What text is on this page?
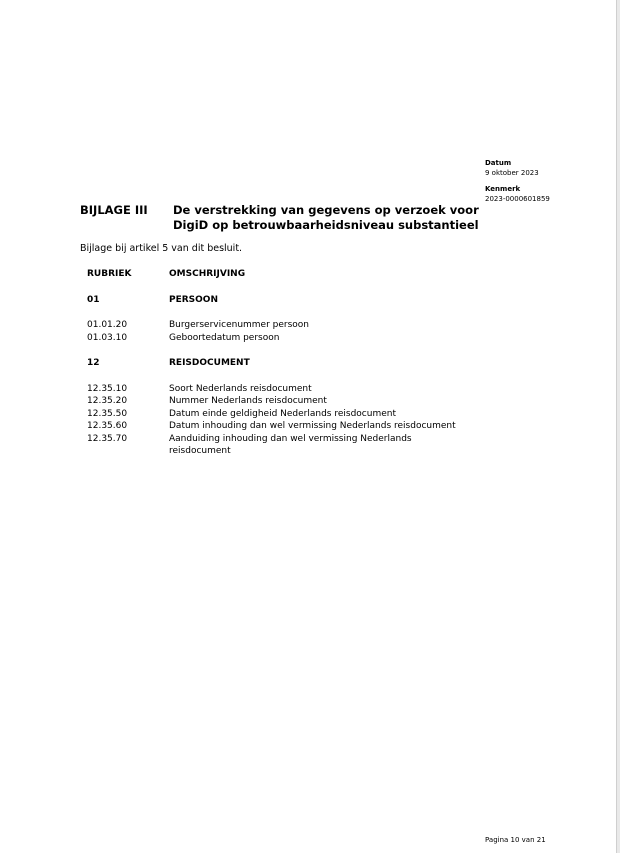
Datum
9 oktober 2023
Kenmerk
2023-0000601859
BIJLAGE III	De verstrekking van gegevens op verzoek voor
DigiD op betrouwbaarheidsniveau substantieel
Bijlage bij artikel 5 van dit besluit.
RUBRIEK	OMSCHRIJVING
01	PERSOON
01.01.20	Burgerservicenummer persoon
01.03.10	Geboortedatum persoon
12	REISDOCUMENT
12.35.10	Soort Nederlands reisdocument
12.35.20	Nummer Nederlands reisdocument
12.35.50	Datum einde geldigheid Nederlands reisdocument
12.35.60	Datum inhouding dan wel vermissing Nederlands reisdocument
12.35.70	Aanduiding inhouding dan wel vermissing Nederlands
reisdocument
Pagina 10 van 21
